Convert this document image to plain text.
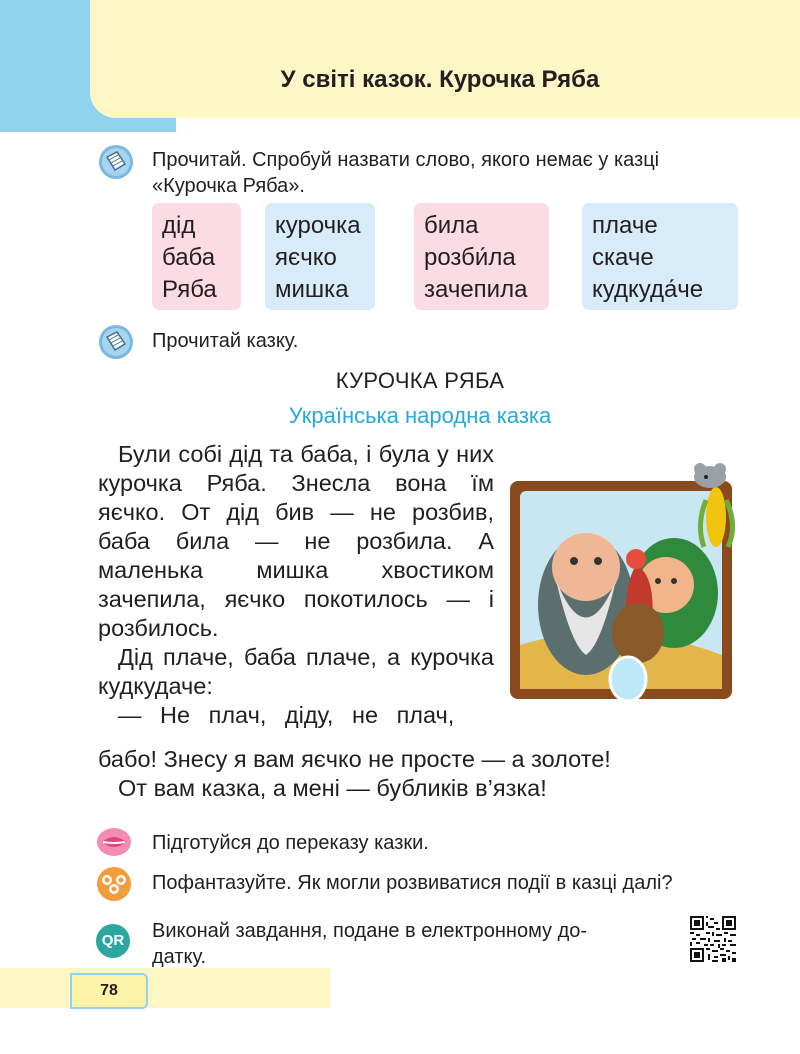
У світі казок. Курочка Ряба
Прочитай. Спробуй назвати слово, якого немає у казці
«Курочка Ряба».
дід
баба
Ряба
курочка
яєчко
мишка
била
розби́ла
зачепила
плаче
скаче
кудкуда́че
Прочитай казку.
КУРОЧКА РЯБА
Українська народна казка

Були собі дід та баба, і була у них курочка Ряба. Знесла вона їм яєчко. От дід бив — не розбив, баба била — не розбила. А маленька мишка хвостиком зачепила, яєчко покотилось — і розбилось.

Дід плаче, баба плаче, а курочка кудкудаче:

— Не плач, діду, не плач,

бабо! Знесу я вам яєчко не просте — а золоте!
От вам казка, а мені — бубликів в’язка!
Підготуйся до переказу казки.
Пофантазуйте. Як могли розвиватися події в казці далі?
QR Виконай завдання, подане в електронному до-
датку.
78
